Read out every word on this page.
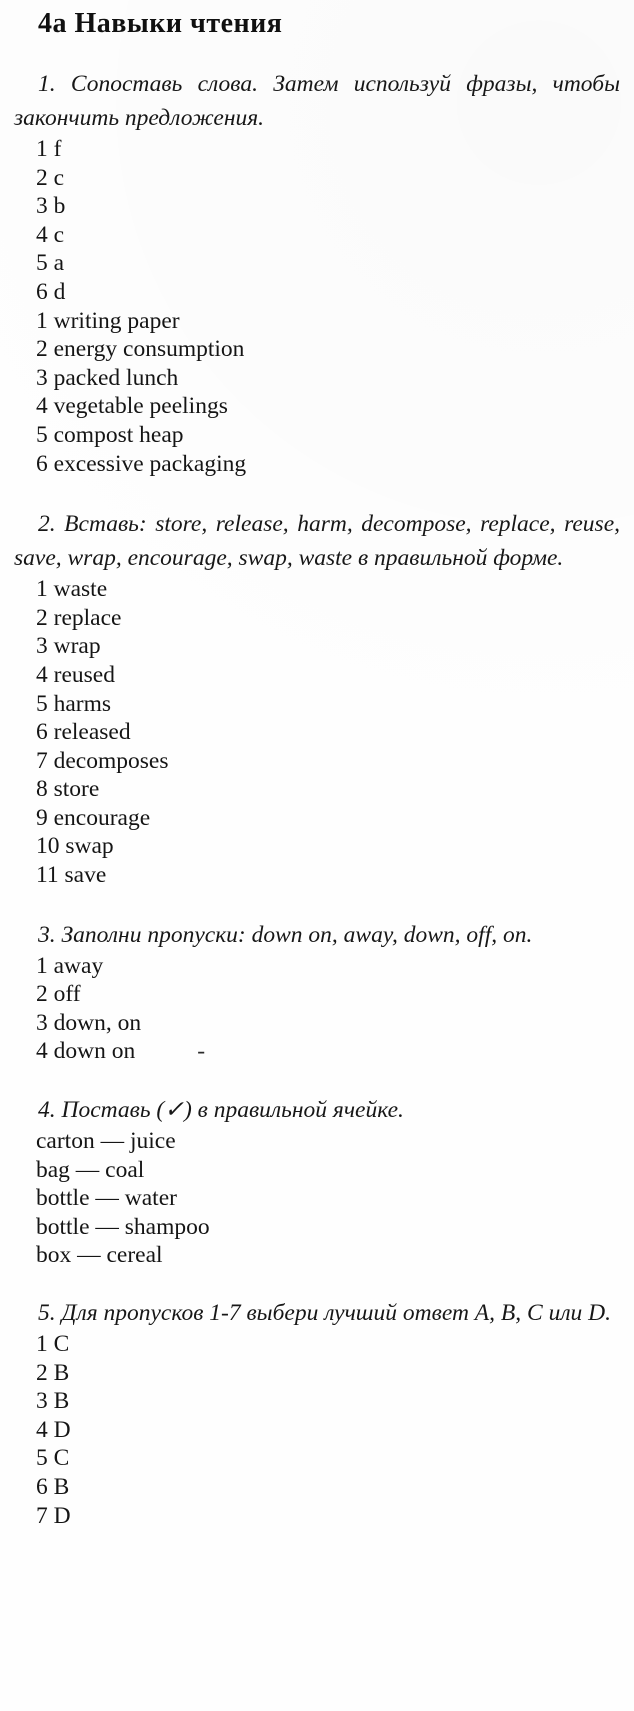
4а Навыки чтения

1. Сопоставь слова. Затем используй фразы, чтобы закончить предложения.

1 f
2 c
3 b
4 c
5 a
6 d
1 writing paper
2 energy consumption
3 packed lunch
4 vegetable peelings
5 compost heap
6 excessive packaging

2. Вставь: store, release, harm, decompose, replace, reuse, save, wrap, encourage, swap, waste в правильной форме.

1 waste
2 replace
3 wrap
4 reused
5 harms
6 released
7 decomposes
8 store
9 encourage
10 swap
11 save

3. Заполни пропуски: down on, away, down, off, on.

1 away
2 off
3 down, on
4 down on	-

4. Поставь (✓) в правильной ячейке.

carton — juice
bag — coal
bottle — water
bottle — shampoo
box — cereal

5. Для пропусков 1-7 выбери лучший ответ А, В, С или D.

1 C
2 B
3 B
4 D
5 C
6 B
7 D
